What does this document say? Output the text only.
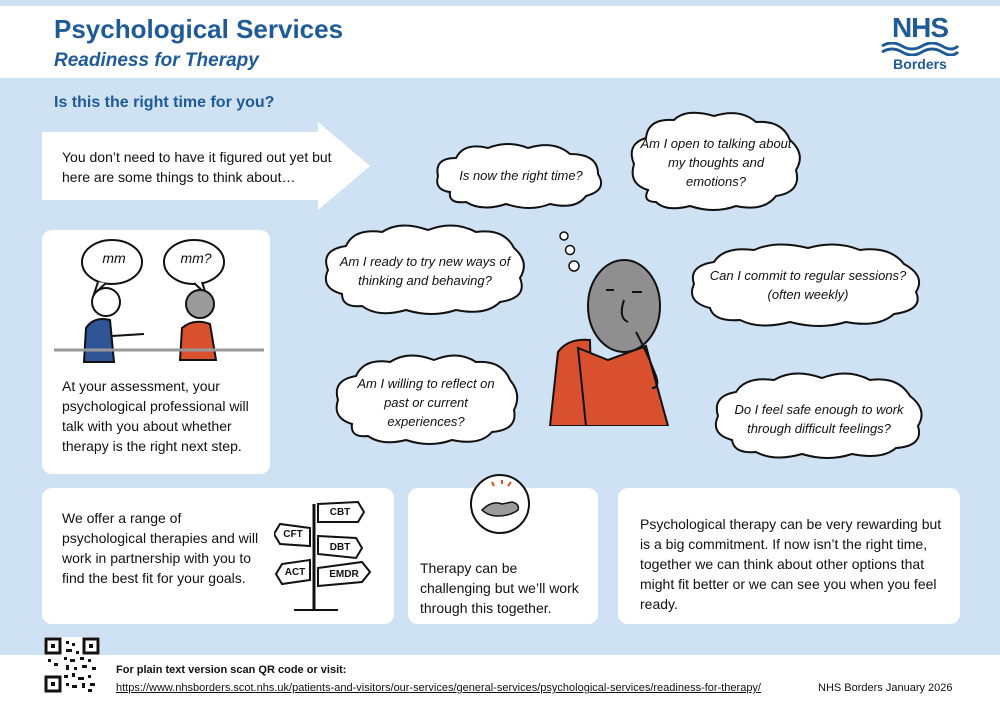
Psychological Services
Readiness for Therapy
NHS
Borders
Is this the right time for you?
You don’t need to have it figured out yet but here are some things to think about…
mm	mm?
At your assessment, your psychological professional will talk with you about whether therapy is the right next step.
Is now the right time?
Am I open to talking about my thoughts and emotions?
Am I ready to try new ways of thinking and behaving?	Can I commit to regular sessions? (often weekly)
Am I willing to reflect on past or current experiences?
Do I feel safe enough to work through difficult feelings?
We offer a range of psychological therapies and will work in partnership with you to find the best fit for your goals.
CBT
CFT
DBT
ACT	EMDR	Therapy can be challenging but we’ll work through this together.
Psychological therapy can be very rewarding but is a big commitment. If now isn’t the right time, together we can think about other options that might fit better or we can see you when you feel ready.
For plain text version scan QR code or visit:
https://www.nhsborders.scot.nhs.uk/patients-and-visitors/our-services/general-services/psychological-services/readiness-for-therapy/	NHS Borders January 2026
